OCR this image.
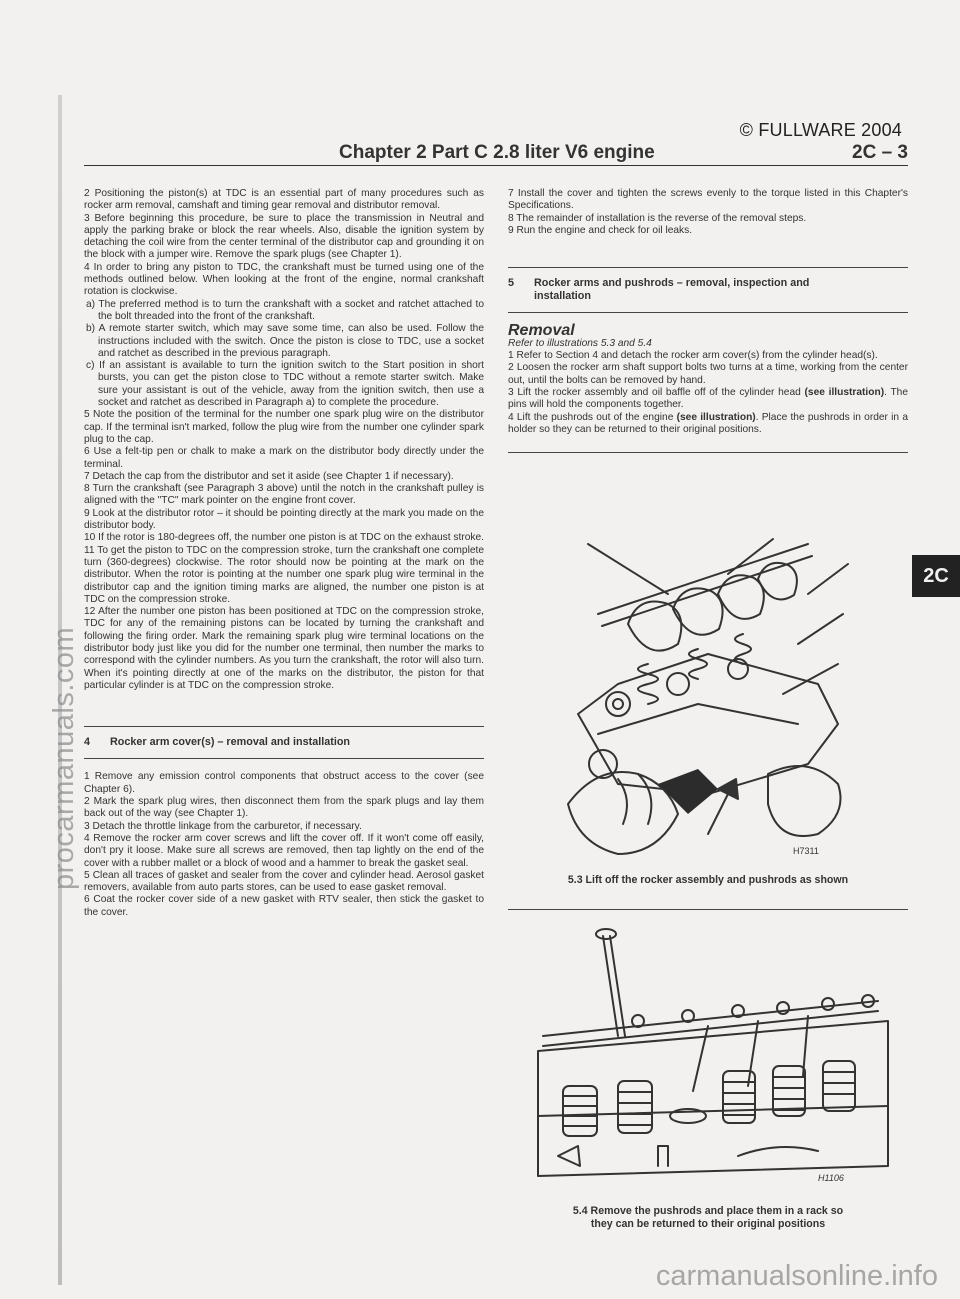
© FULLWARE 2004
Chapter 2 Part C 2.8 liter V6 engine	2C – 3

2 Positioning the piston(s) at TDC is an essential part of many procedures such as rocker arm removal, camshaft and timing gear removal and distributor removal.

3 Before beginning this procedure, be sure to place the transmission in Neutral and apply the parking brake or block the rear wheels. Also, disable the ignition system by detaching the coil wire from the center terminal of the distributor cap and grounding it on the block with a jumper wire. Remove the spark plugs (see Chapter 1).

4 In order to bring any piston to TDC, the crankshaft must be turned using one of the methods outlined below. When looking at the front of the engine, normal crankshaft rotation is clockwise.

a) The preferred method is to turn the crankshaft with a socket and ratchet attached to the bolt threaded into the front of the crankshaft.

b) A remote starter switch, which may save some time, can also be used. Follow the instructions included with the switch. Once the piston is close to TDC, use a socket and ratchet as described in the previous paragraph.

c) If an assistant is available to turn the ignition switch to the Start position in short bursts, you can get the piston close to TDC without a remote starter switch. Make sure your assistant is out of the vehicle, away from the ignition switch, then use a socket and ratchet as described in Paragraph a) to complete the procedure.

5 Note the position of the terminal for the number one spark plug wire on the distributor cap. If the terminal isn't marked, follow the plug wire from the number one cylinder spark plug to the cap.

6 Use a felt-tip pen or chalk to make a mark on the distributor body directly under the terminal.

7 Detach the cap from the distributor and set it aside (see Chapter 1 if necessary).

8 Turn the crankshaft (see Paragraph 3 above) until the notch in the crankshaft pulley is aligned with the "TC" mark pointer on the engine front cover.

9 Look at the distributor rotor – it should be pointing directly at the mark you made on the distributor body.

10 If the rotor is 180-degrees off, the number one piston is at TDC on the exhaust stroke.

11 To get the piston to TDC on the compression stroke, turn the crankshaft one complete turn (360-degrees) clockwise. The rotor should now be pointing at the mark on the distributor. When the rotor is pointing at the number one spark plug wire terminal in the distributor cap and the ignition timing marks are aligned, the number one piston is at TDC on the compression stroke.

12 After the number one piston has been positioned at TDC on the compression stroke, TDC for any of the remaining pistons can be located by turning the crankshaft and following the firing order. Mark the remaining spark plug wire terminal locations on the distributor body just like you did for the number one terminal, then number the marks to correspond with the cylinder numbers. As you turn the crankshaft, the rotor will also turn. When it's pointing directly at one of the marks on the distributor, the piston for that particular cylinder is at TDC on the compression stroke.

4 Rocker arm cover(s) – removal and installation

1 Remove any emission control components that obstruct access to the cover (see Chapter 6).

2 Mark the spark plug wires, then disconnect them from the spark plugs and lay them back out of the way (see Chapter 1).

3 Detach the throttle linkage from the carburetor, if necessary.

4 Remove the rocker arm cover screws and lift the cover off. If it won't come off easily, don't pry it loose. Make sure all screws are removed, then tap lightly on the end of the cover with a rubber mallet or a block of wood and a hammer to break the gasket seal.

5 Clean all traces of gasket and sealer from the cover and cylinder head. Aerosol gasket removers, available from auto parts stores, can be used to ease gasket removal.

6 Coat the rocker cover side of a new gasket with RTV sealer, then stick the gasket to the cover.

7 Install the cover and tighten the screws evenly to the torque listed in this Chapter's Specifications.

8 The remainder of installation is the reverse of the removal steps.

9 Run the engine and check for oil leaks.

5 Rocker arms and pushrods – removal, inspection and installation
Removal

Refer to illustrations 5.3 and 5.4

1 Refer to Section 4 and detach the rocker arm cover(s) from the cylinder head(s).

2 Loosen the rocker arm shaft support bolts two turns at a time, working from the center out, until the bolts can be removed by hand.

3 Lift the rocker assembly and oil baffle off of the cylinder head (see illustration). The pins will hold the components together.

4 Lift the pushrods out of the engine (see illustration). Place the pushrods in order in a holder so they can be returned to their original positions.

H7311
5.3 Lift off the rocker assembly and pushrods as shown
H1106
5.4 Remove the pushrods and place them in a rack so
they can be returned to their original positions
2C
procarmanuals.com
carmanualsonline.info
